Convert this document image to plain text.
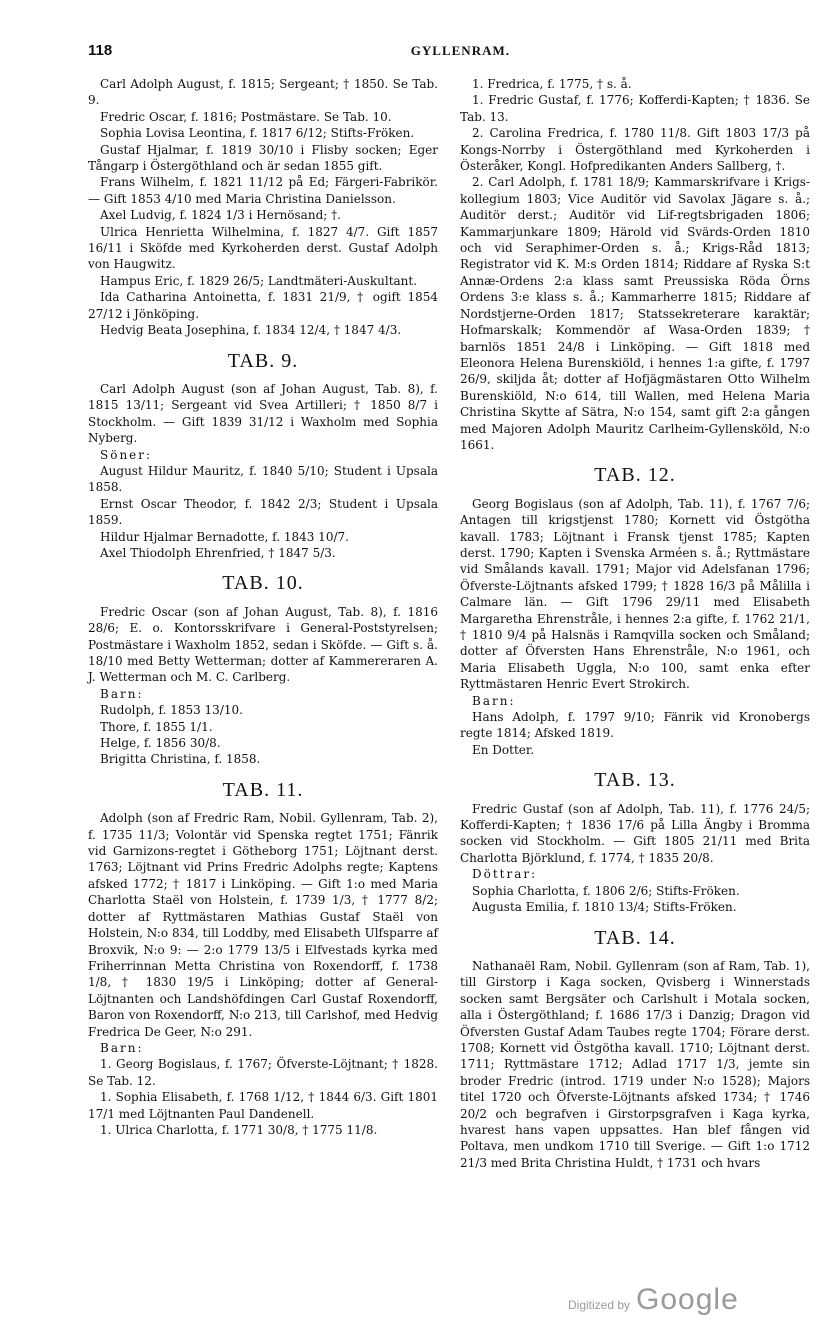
118	GYLLENRAM.

Carl Adolph August, f. 1815; Sergeant; † 1850. Se Tab. 9.

Fredric Oscar, f. 1816; Postmästare. Se Tab. 10.

Sophia Lovisa Leontina, f. 1817 6/12; Stifts-Fröken.

Gustaf Hjalmar, f. 1819 30/10 i Flisby socken; Eger Tångarp i Östergöthland och är sedan 1855 gift.

Frans Wilhelm, f. 1821 11/12 på Ed; Färgeri-Fabrikör. — Gift 1853 4/10 med Maria Christina Danielsson.

Axel Ludvig, f. 1824 1/3 i Hernösand; †.

Ulrica Henrietta Wilhelmina, f. 1827 4/7. Gift 1857 16/11 i Sköfde med Kyrkoherden derst. Gustaf Adolph von Haugwitz.

Hampus Eric, f. 1829 26/5; Landtmäteri-Auskultant.

Ida Catharina Antoinetta, f. 1831 21/9, † ogift 1854 27/12 i Jönköping.

Hedvig Beata Josephina, f. 1834 12/4, † 1847 4/3.

TAB. 9.

Carl Adolph August (son af Johan August, Tab. 8), f. 1815 13/11; Sergeant vid Svea Artilleri; † 1850 8/7 i Stockholm. — Gift 1839 31/12 i Waxholm med Sophia Nyberg.

Söner:

August Hildur Mauritz, f. 1840 5/10; Student i Upsala 1858.

Ernst Oscar Theodor, f. 1842 2/3; Student i Upsala 1859.

Hildur Hjalmar Bernadotte, f. 1843 10/7.

Axel Thiodolph Ehrenfried, † 1847 5/3.

TAB. 10.

Fredric Oscar (son af Johan August, Tab. 8), f. 1816 28/6; E. o. Kontorsskrifvare i General-Poststyrelsen; Postmästare i Waxholm 1852, sedan i Sköfde. — Gift s. å. 18/10 med Betty Wetterman; dotter af Kammereraren A. J. Wetterman och M. C. Carlberg.

Barn:

Rudolph, f. 1853 13/10.

Thore, f. 1855 1/1.

Helge, f. 1856 30/8.

Brigitta Christina, f. 1858.

TAB. 11.

Adolph (son af Fredric Ram, Nobil. Gyllenram, Tab. 2), f. 1735 11/3; Volontär vid Spenska regtet 1751; Fänrik vid Garnizons-regtet i Götheborg 1751; Löjtnant derst. 1763; Löjtnant vid Prins Fredric Adolphs regte; Kaptens afsked 1772; † 1817 i Linköping. — Gift 1:o med Maria Charlotta Staël von Holstein, f. 1739 1/3, † 1777 8/2; dotter af Ryttmästaren Mathias Gustaf Staël von Holstein, N:o 834, till Loddby, med Elisabeth Ulfsparre af Broxvik, N:o 9: — 2:o 1779 13/5 i Elfvestads kyrka med Friherrinnan Metta Christina von Roxendorff, f. 1738 1/8, † 1830 19/5 i Linköping; dotter af General-Löjtnanten och Landshöfdingen Carl Gustaf Roxendorff, Baron von Roxendorff, N:o 213, till Carlshof, med Hedvig Fredrica De Geer, N:o 291.

Barn:

1. Georg Bogislaus, f. 1767; Öfverste-Löjtnant; † 1828. Se Tab. 12.

1. Sophia Elisabeth, f. 1768 1/12, † 1844 6/3. Gift 1801 17/1 med Löjtnanten Paul Dandenell.

1. Ulrica Charlotta, f. 1771 30/8, † 1775 11/8.

1. Fredrica, f. 1775, † s. å.

1. Fredric Gustaf, f. 1776; Kofferdi-Kapten; † 1836. Se Tab. 13.

2. Carolina Fredrica, f. 1780 11/8. Gift 1803 17/3 på Kongs-Norrby i Östergöthland med Kyrkoherden i Österåker, Kongl. Hofpredikanten Anders Sallberg, †.

2. Carl Adolph, f. 1781 18/9; Kammarskrifvare i Krigs-kollegium 1803; Vice Auditör vid Savolax Jägare s. å.; Auditör derst.; Auditör vid Lif-regtsbrigaden 1806; Kammarjunkare 1809; Härold vid Svärds-Orden 1810 och vid Seraphimer-Orden s. å.; Krigs-Råd 1813; Registrator vid K. M:s Orden 1814; Riddare af Ryska S:t Annæ-Ordens 2:a klass samt Preussiska Röda Örns Ordens 3:e klass s. å.; Kammarherre 1815; Riddare af Nordstjerne-Orden 1817; Statssekreterare karaktär; Hofmarskalk; Kommendör af Wasa-Orden 1839; † barnlös 1851 24/8 i Linköping. — Gift 1818 med Eleonora Helena Burenskiöld, i hennes 1:a gifte, f. 1797 26/9, skiljda åt; dotter af Hofjägmästaren Otto Wilhelm Burenskiöld, N:o 614, till Wallen, med Helena Maria Christina Skytte af Sätra, N:o 154, samt gift 2:a gången med Majoren Adolph Mauritz Carlheim-Gyllensköld, N:o 1661.

TAB. 12.

Georg Bogislaus (son af Adolph, Tab. 11), f. 1767 7/6; Antagen till krigstjenst 1780; Kornett vid Östgötha kavall. 1783; Löjtnant i Fransk tjenst 1785; Kapten derst. 1790; Kapten i Svenska Arméen s. å.; Ryttmästare vid Smålands kavall. 1791; Major vid Adelsfanan 1796; Öfverste-Löjtnants afsked 1799; † 1828 16/3 på Målilla i Calmare län. — Gift 1796 29/11 med Elisabeth Margaretha Ehrenstråle, i hennes 2:a gifte, f. 1762 21/1, † 1810 9/4 på Halsnäs i Ramqvilla socken och Småland; dotter af Öfversten Hans Ehrenstråle, N:o 1961, och Maria Elisabeth Uggla, N:o 100, samt enka efter Ryttmästaren Henric Evert Strokirch.

Barn:

Hans Adolph, f. 1797 9/10; Fänrik vid Kronobergs regte 1814; Afsked 1819.

En Dotter.

TAB. 13.

Fredric Gustaf (son af Adolph, Tab. 11), f. 1776 24/5; Kofferdi-Kapten; † 1836 17/6 på Lilla Ängby i Bromma socken vid Stockholm. — Gift 1805 21/11 med Brita Charlotta Björklund, f. 1774, † 1835 20/8.

Döttrar:

Sophia Charlotta, f. 1806 2/6; Stifts-Fröken.

Augusta Emilia, f. 1810 13/4; Stifts-Fröken.

TAB. 14.

Nathanaël Ram, Nobil. Gyllenram (son af Ram, Tab. 1), till Girstorp i Kaga socken, Qvisberg i Winnerstads socken samt Bergsäter och Carlshult i Motala socken, alla i Östergöthland; f. 1686 17/3 i Danzig; Dragon vid Öfversten Gustaf Adam Taubes regte 1704; Förare derst. 1708; Kornett vid Östgötha kavall. 1710; Löjtnant derst. 1711; Ryttmästare 1712; Adlad 1717 1/3, jemte sin broder Fredric (introd. 1719 under N:o 1528); Majors titel 1720 och Öfverste-Löjtnants afsked 1734; † 1746 20/2 och begrafven i Girstorpsgrafven i Kaga kyrka, hvarest hans vapen uppsattes. Han blef fången vid Poltava, men undkom 1710 till Sverige. — Gift 1:o 1712 21/3 med Brita Christina Huldt, † 1731 och hvars

Digitized by Google
